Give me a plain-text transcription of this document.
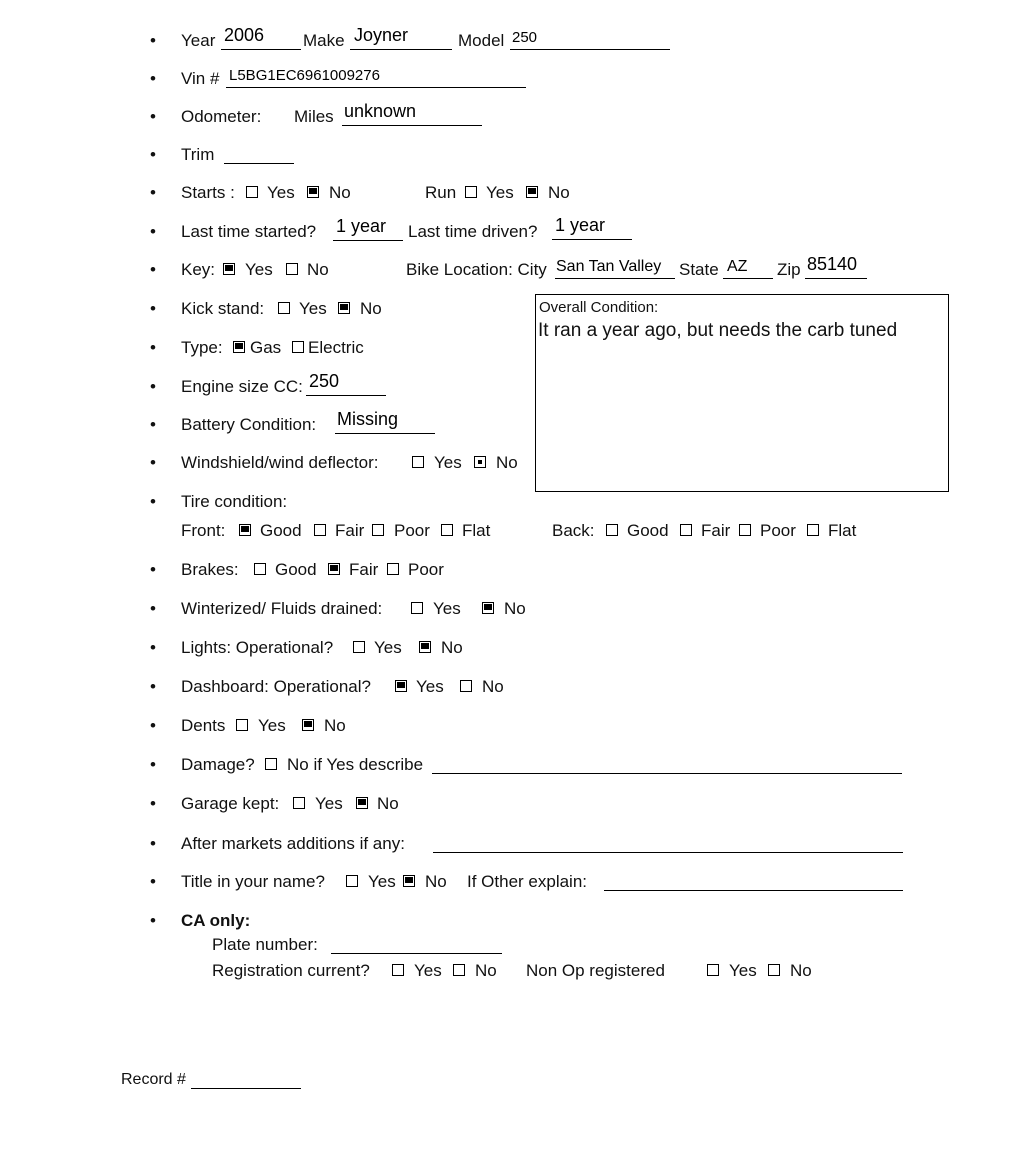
• Year 2006 Make Joyner	Model 250
• Vin # L5BG1EC6961009276
• Odometer: Miles unknown
• Trim
• Starts : Yes No	Run Yes No
• Last time started? 1 year Last time driven? 1 year
• Key: Yes No	Bike Location: City San Tan Valley State AZ Zip 85140
• Kick stand: Yes No	Overall Condition:
It ran a year ago, but needs the carb tuned
• Type: Gas Electric
• Engine size CC: 250
• Battery Condition: Missing
• Windshield/wind deflector:	Yes No
• Tire condition:
Front: Good Fair Poor Flat	Back: Good Fair Poor Flat
• Brakes: Good Fair Poor
• Winterized/ Fluids drained:	Yes	No
• Lights: Operational? Yes No
• Dashboard: Operational?	Yes No
• Dents Yes No
• Damage? No if Yes describe
• Garage kept: Yes No
• After markets additions if any:
• Title in your name?	Yes No If Other explain:
• CA only:
Plate number:
Registration current?	Yes No Non Op registered	Yes No
Record #
